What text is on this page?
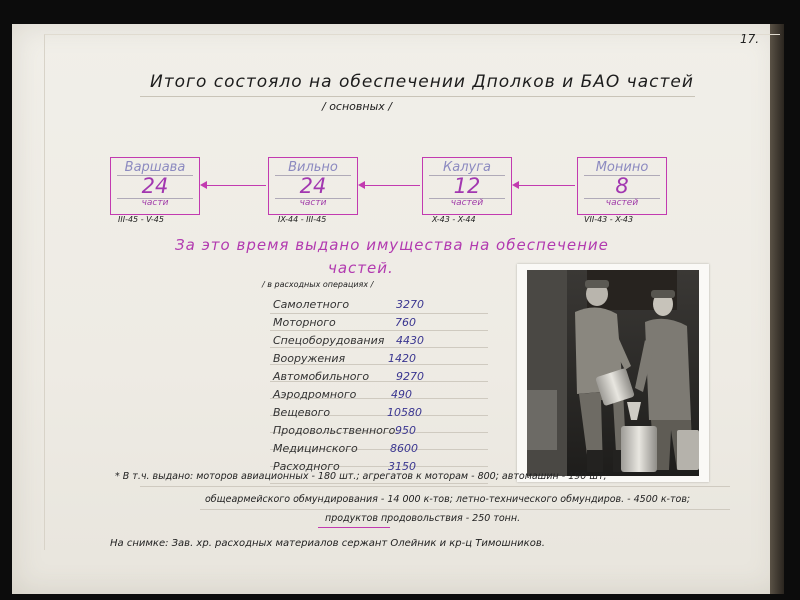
17.
Итого состояло на обеспечении Дполков и БАО частей
/ основных /
Варшава
24
части
III-45 - V-45
Вильно
24
части
IX-44 - III-45
Калуга
12
частей
X-43 - X-44
Монино
8
частей
VII-43 - X-43
За это время выдано имущества на обеспечение
частей.
/ в расходных операциях /
Самолетного	3270
Моторного	760
Спецоборудования	4430
Вооружения	1420
Автомобильного	9270
Аэродромного	490
Вещевого	10580
Продовольственного 950
Медицинского	8600
Расходного	3150
* В т.ч. выдано: моторов авиационных - 180 шт.; агрегатов к моторам - 800; автомашин - 190 шт;
общеармейского обмундирования - 14 000 к-тов; летно-технического обмундиров. - 4500 к-тов;
продуктов продовольствия - 250 тонн.
На снимке: Зав. хр. расходных материалов сержант Олейник и кр-ц Тимошников.
